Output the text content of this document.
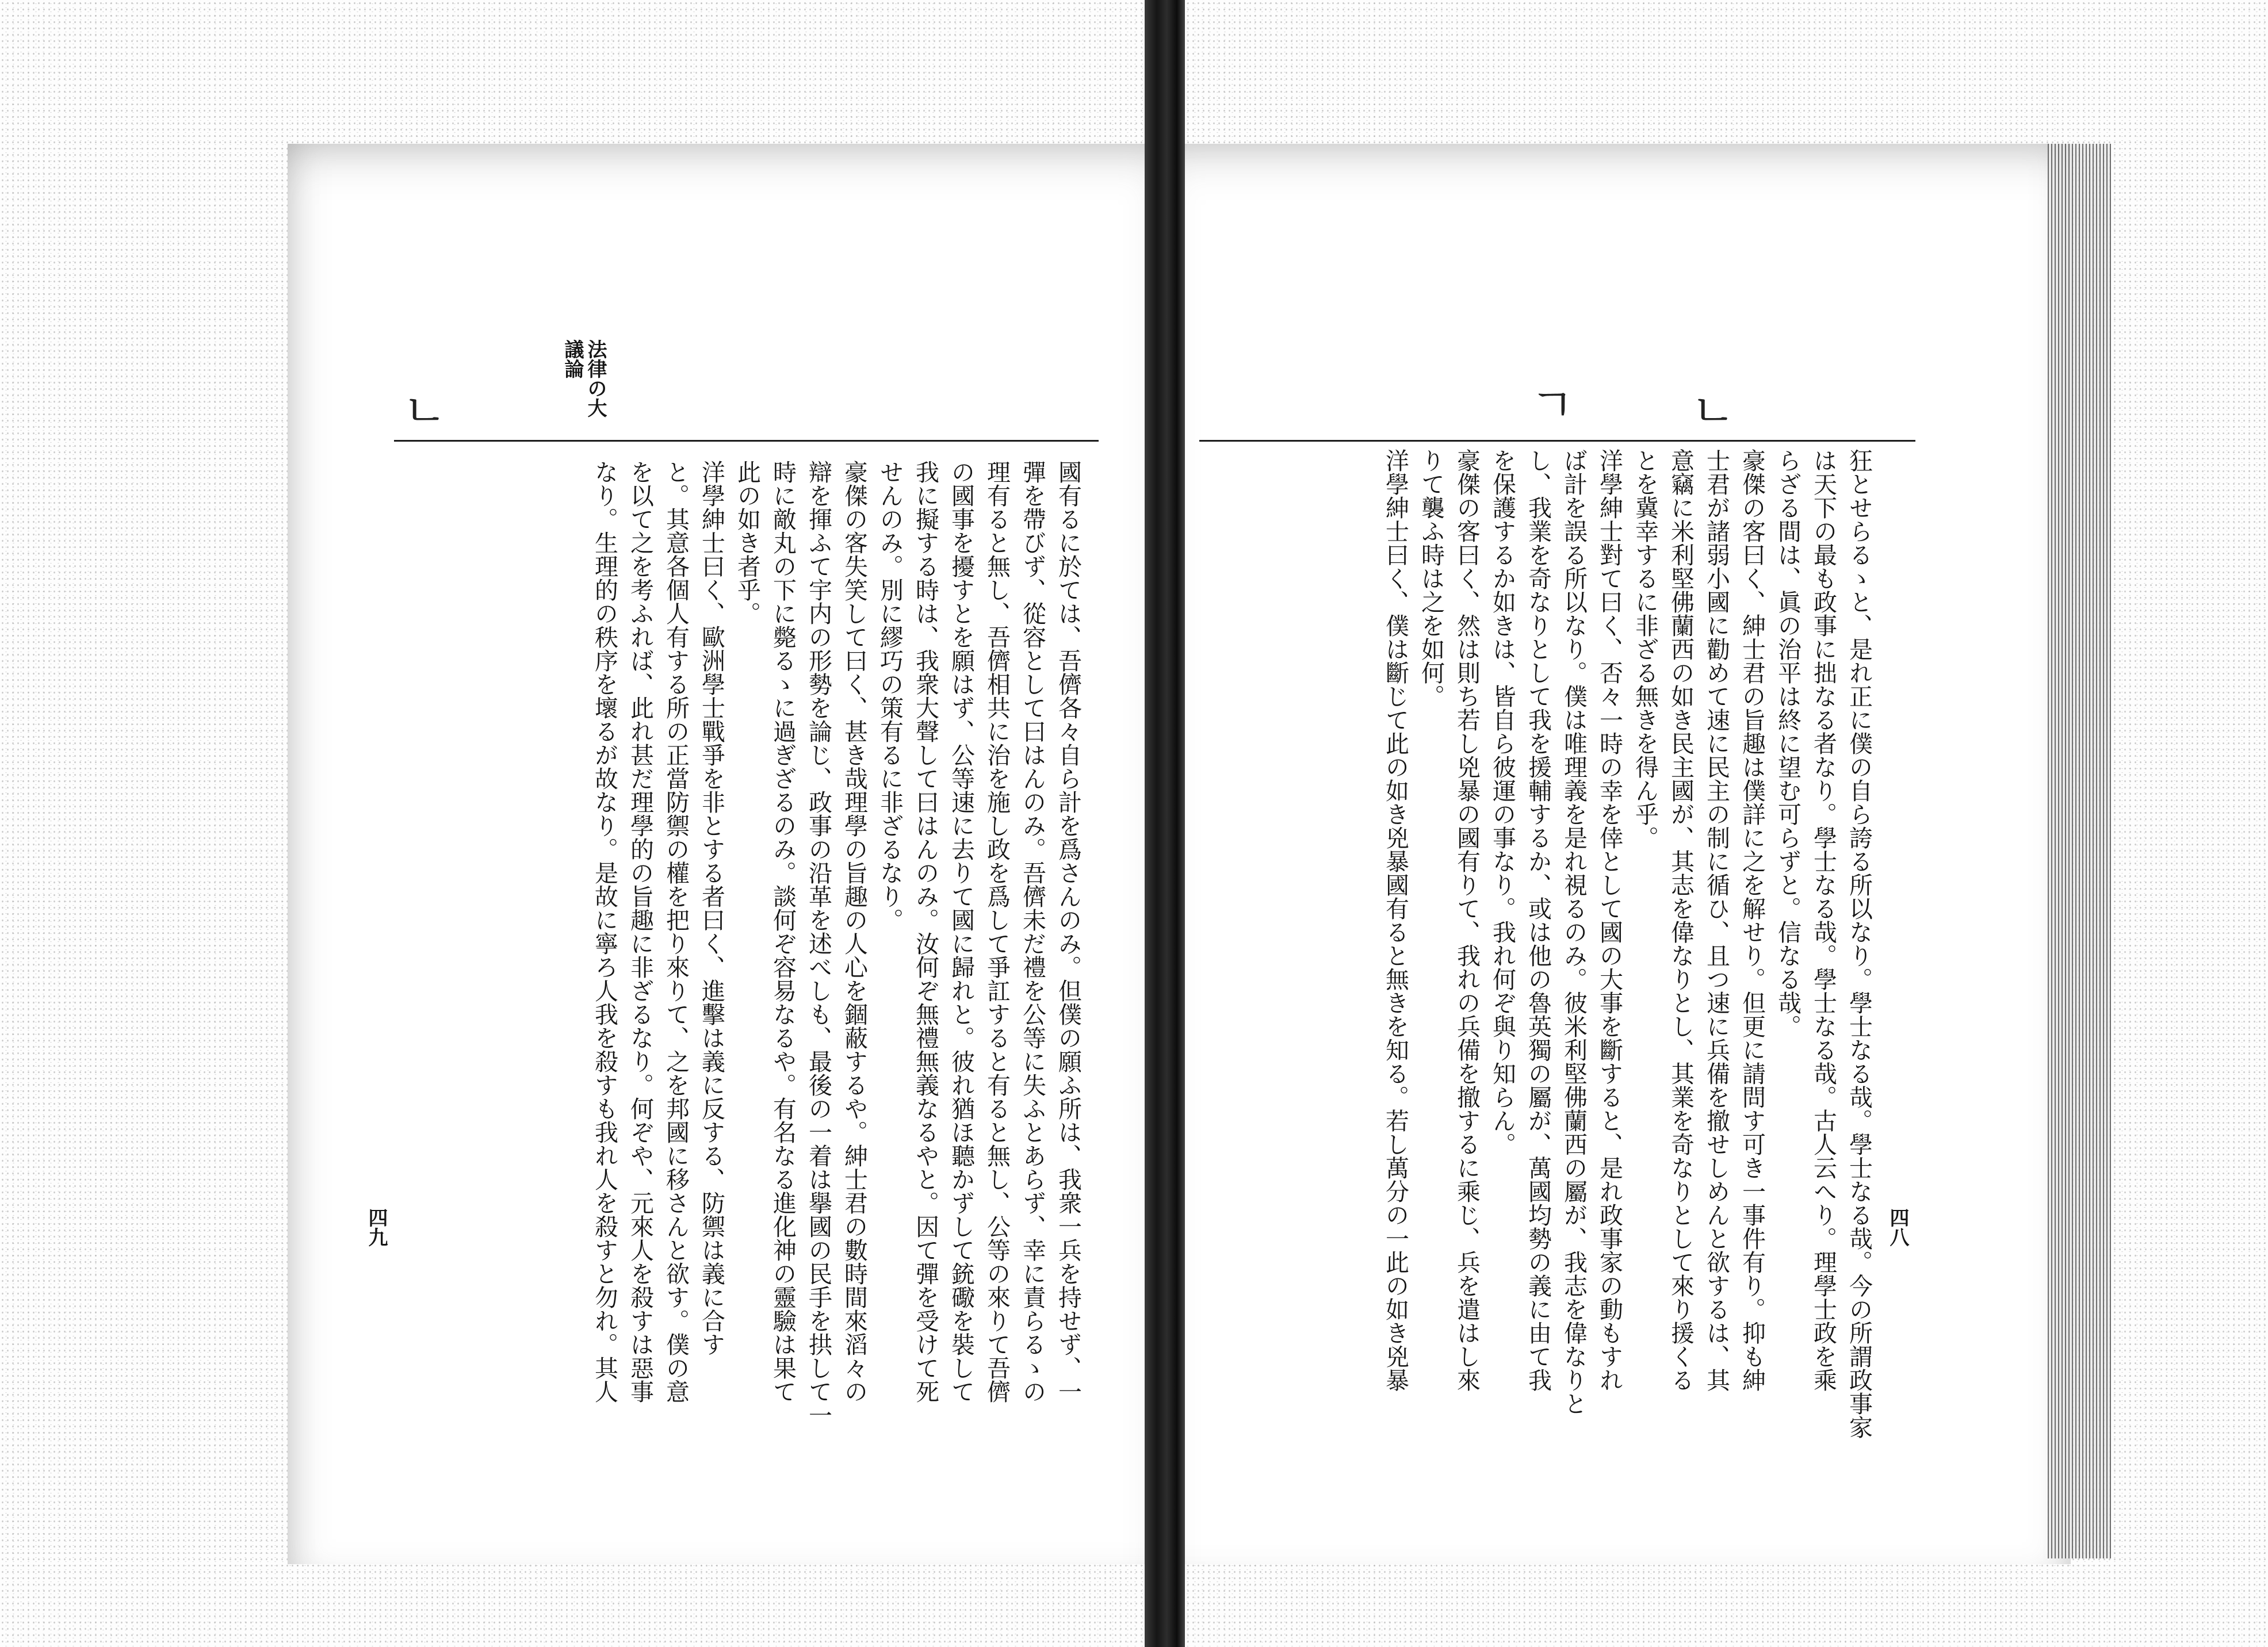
法律の大
議論
四九	四八
ㄴ	ㄱ	ㄴ

狂とせらるゝと、是れ正に僕の自ら誇る所以なり。學士なる哉。學士なる哉。今の所謂政事家

は天下の最も政事に拙なる者なり。學士なる哉。學士なる哉。古人云へり。理學士政を乘

らざる間は、眞の治平は終に望む可らずと。信なる哉。

豪傑の客曰く、紳士君の旨趣は僕詳に之を解せり。但更に請問す可き一事件有り。抑も紳

士君が諸弱小國に勸めて速に民主の制に循ひ、且つ速に兵備を撤せしめんと欲するは、其

意竊に米利堅佛蘭西の如き民主國が、其志を偉なりとし、其業を奇なりとして來り援くる

とを冀幸するに非ざる無きを得ん乎。

洋學紳士對て曰く、否々一時の幸を倖として國の大事を斷すると、是れ政事家の動もすれ

ば計を誤る所以なり。僕は唯理義を是れ視るのみ。彼米利堅佛蘭西の屬が、我志を偉なりと

し、我業を奇なりとして我を援輔するか、或は他の魯英獨の屬が、萬國均勢の義に由て我

を保護するか如きは、皆自ら彼運の事なり。我れ何ぞ與り知らん。

豪傑の客曰く、然は則ち若し兇暴の國有りて、我れの兵備を撤するに乘じ、兵を遣はし來

りて襲ふ時は之を如何。

洋學紳士曰く、僕は斷じて此の如き兇暴國有ると無きを知る。若し萬分の一此の如き兇暴

國有るに於ては、吾儕各々自ら計を爲さんのみ。但僕の願ふ所は、我衆一兵を持せず、一

彈を帶びず、從容として曰はんのみ。吾儕未だ禮を公等に失ふとあらず、幸に責らるゝの

理有ると無し、吾儕相共に治を施し政を爲して爭訌すると有ると無し、公等の來りて吾儕

の國事を擾すとを願はず、公等速に去りて國に歸れと。彼れ猶ほ聽かずして銃礮を裝して

我に擬する時は、我衆大聲して曰はんのみ。汝何ぞ無禮無義なるやと。因て彈を受けて死

せんのみ。別に繆巧の策有るに非ざるなり。

豪傑の客失笑して曰く、甚き哉理學の旨趣の人心を錮蔽するや。紳士君の數時間來滔々の

辯を揮ふて宇内の形勢を論じ、政事の沿革を述べしも、最後の一着は擧國の民手を拱して一

時に敵丸の下に斃るゝに過ぎざるのみ。談何ぞ容易なるや。有名なる進化神の靈驗は果て

此の如き者乎。

洋學紳士曰く、歐洲學士戰爭を非とする者曰く、進擊は義に反する、防禦は義に合す

と。其意各個人有する所の正當防禦の權を把り來りて、之を邦國に移さんと欲す。僕の意

を以て之を考ふれば、此れ甚だ理學的の旨趣に非ざるなり。何ぞや、元來人を殺すは惡事

なり。生理的の秩序を壞るが故なり。是故に寧ろ人我を殺すも我れ人を殺すと勿れ。其人
